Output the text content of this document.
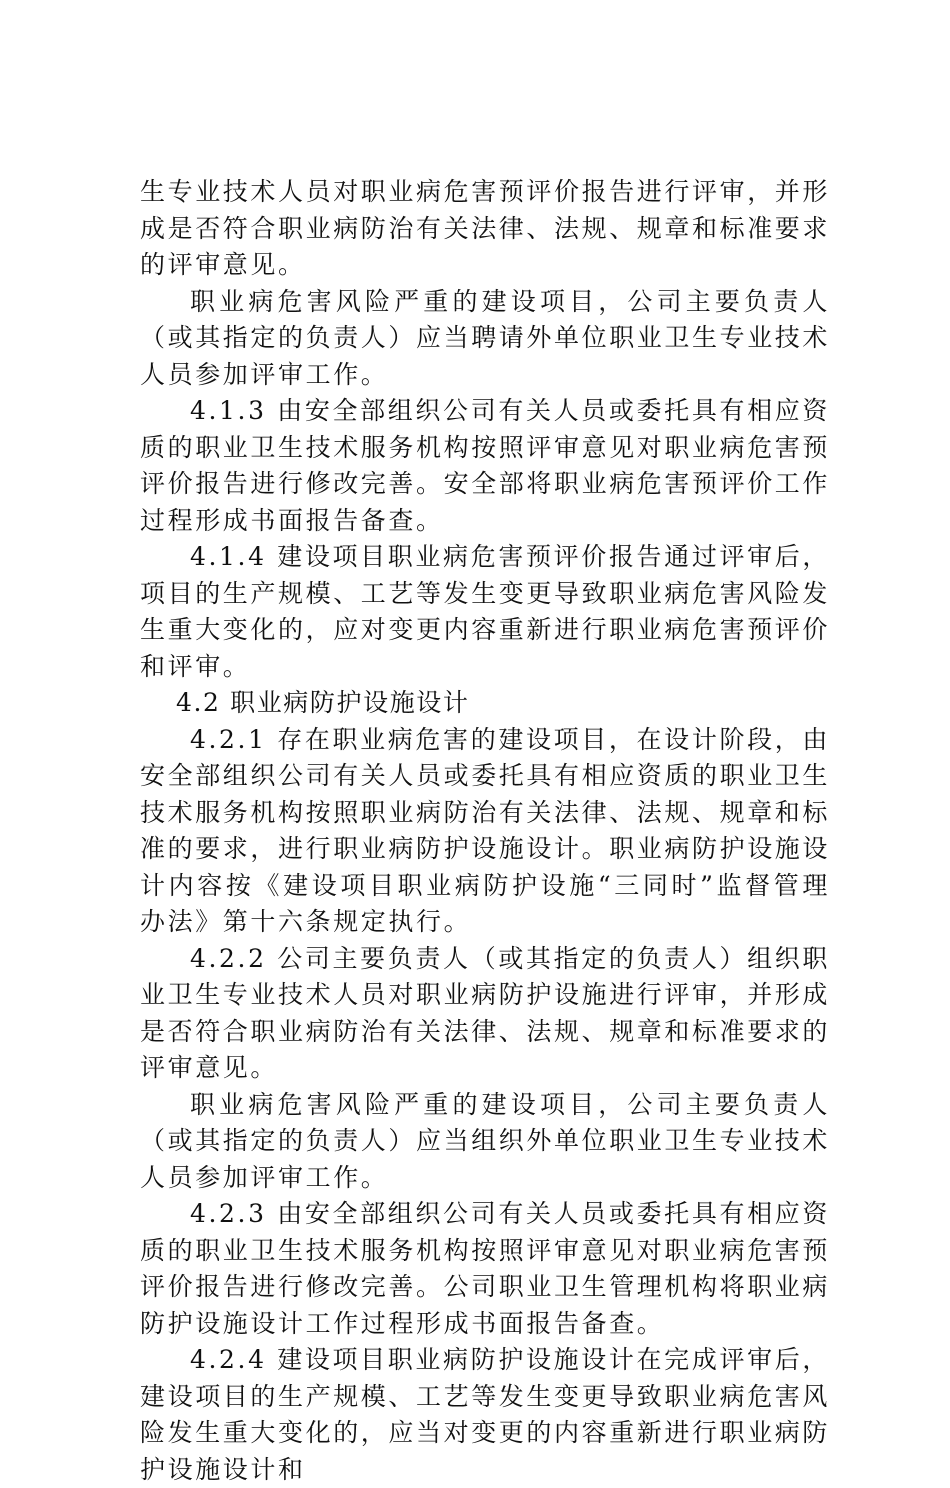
生专业技术人员对职业病危害预评价报告进行评审，并形成是否符合职业病防治有关法律、法规、规章和标准要求的评审意见。

职业病危害风险严重的建设项目，公司主要负责人（或其指定的负责人）应当聘请外单位职业卫生专业技术人员参加评审工作。

4.1.3 由安全部组织公司有关人员或委托具有相应资质的职业卫生技术服务机构按照评审意见对职业病危害预评价报告进行修改完善。安全部将职业病危害预评价工作过程形成书面报告备查。

4.1.4 建设项目职业病危害预评价报告通过评审后，项目的生产规模、工艺等发生变更导致职业病危害风险发生重大变化的，应对变更内容重新进行职业病危害预评价和评审。

4.2 职业病防护设施设计

4.2.1 存在职业病危害的建设项目，在设计阶段，由安全部组织公司有关人员或委托具有相应资质的职业卫生技术服务机构按照职业病防治有关法律、法规、规章和标准的要求，进行职业病防护设施设计。职业病防护设施设计内容按《建设项目职业病防护设施“三同时”监督管理办法》第十六条规定执行。

4.2.2 公司主要负责人（或其指定的负责人）组织职业卫生专业技术人员对职业病防护设施进行评审，并形成是否符合职业病防治有关法律、法规、规章和标准要求的评审意见。

职业病危害风险严重的建设项目，公司主要负责人（或其指定的负责人）应当组织外单位职业卫生专业技术人员参加评审工作。

4.2.3 由安全部组织公司有关人员或委托具有相应资质的职业卫生技术服务机构按照评审意见对职业病危害预评价报告进行修改完善。公司职业卫生管理机构将职业病防护设施设计工作过程形成书面报告备查。

4.2.4 建设项目职业病防护设施设计在完成评审后，建设项目的生产规模、工艺等发生变更导致职业病危害风险发生重大变化的，应当对变更的内容重新进行职业病防护设施设计和
